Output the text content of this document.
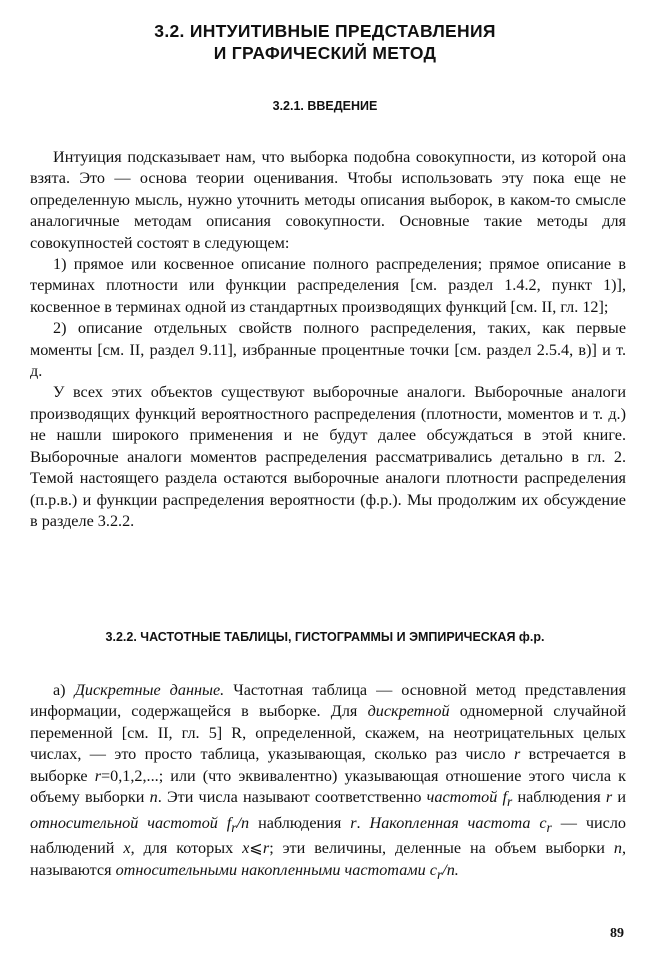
3.2. ИНТУИТИВНЫЕ ПРЕДСТАВЛЕНИЯ
И ГРАФИЧЕСКИЙ МЕТОД
3.2.1. ВВЕДЕНИЕ

Интуиция подсказывает нам, что выборка подобна совокупности, из которой она взята. Это — основа теории оценивания. Чтобы использовать эту пока еще не определенную мысль, нужно уточнить методы описания выборок, в каком-то смысле аналогичные методам описания совокупности. Основные такие методы для совокупностей состоят в следующем:

1) прямое или косвенное описание полного распределения; прямое описание в терминах плотности или функции распределения [см. раздел 1.4.2, пункт 1)], косвенное в терминах одной из стандартных производящих функций [см. II, гл. 12];

2) описание отдельных свойств полного распределения, таких, как первые моменты [см. II, раздел 9.11], избранные процентные точки [см. раздел 2.5.4, в)] и т. д.

У всех этих объектов существуют выборочные аналоги. Выборочные аналоги производящих функций вероятностного распределения (плотности, моментов и т. д.) не нашли широкого применения и не будут далее обсуждаться в этой книге. Выборочные аналоги моментов распределения рассматривались детально в гл. 2. Темой настоящего раздела остаются выборочные аналоги плотности распределения (п.р.в.) и функции распределения вероятности (ф.р.). Мы продолжим их обсуждение в разделе 3.2.2.

3.2.2. ЧАСТОТНЫЕ ТАБЛИЦЫ, ГИСТОГРАММЫ И ЭМПИРИЧЕСКАЯ ф.р.

а) Дискретные данные. Частотная таблица — основной метод представления информации, содержащейся в выборке. Для дискретной одномерной случайной переменной [см. II, гл. 5] R, определенной, скажем, на неотрицательных целых числах, — это просто таблица, указывающая, сколько раз число r встречается в выборке r=0,1,2,...; или (что эквивалентно) указывающая отношение этого числа к объему выборки n. Эти числа называют соответственно частотой $f_r$ наблюдения r и относительной частотой $f_r/n$ наблюдения r. Накопленная частота $c_r$ — число наблюдений x, для которых x⩽r; эти величины, деленные на объем выборки n, называются относительными накопленными частотами $c_r/n$.

89
